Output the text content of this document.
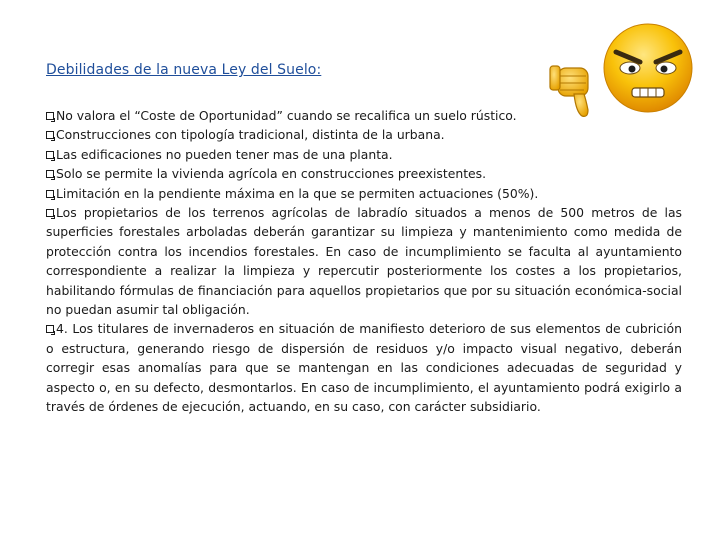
Debilidades de la nueva Ley del Suelo:

No valora el “Coste de Oportunidad” cuando se recalifica un suelo rústico.

Construcciones con tipología tradicional, distinta de la urbana.

Las edificaciones no pueden tener mas de una planta.

Solo se permite la vivienda agrícola en construcciones preexistentes.

Limitación en la pendiente máxima en la que se permiten actuaciones (50%).

Los propietarios de los terrenos agrícolas de labradío situados a menos de 500 metros de las superficies forestales arboladas deberán garantizar su limpieza y mantenimiento como medida de protección contra los incendios forestales. En caso de incumplimiento se faculta al ayuntamiento correspondiente a realizar la limpieza y repercutir posteriormente los costes a los propietarios, habilitando fórmulas de financiación para aquellos propietarios que por su situación económica-social no puedan asumir tal obligación.

4. Los titulares de invernaderos en situación de manifiesto deterioro de sus elementos de cubrición o estructura, generando riesgo de dispersión de residuos y/o impacto visual negativo, deberán corregir esas anomalías para que se mantengan en las condiciones adecuadas de seguridad y aspecto o, en su defecto, desmontarlos. En caso de incumplimiento, el ayuntamiento podrá exigirlo a través de órdenes de ejecución, actuando, en su caso, con carácter subsidiario.
